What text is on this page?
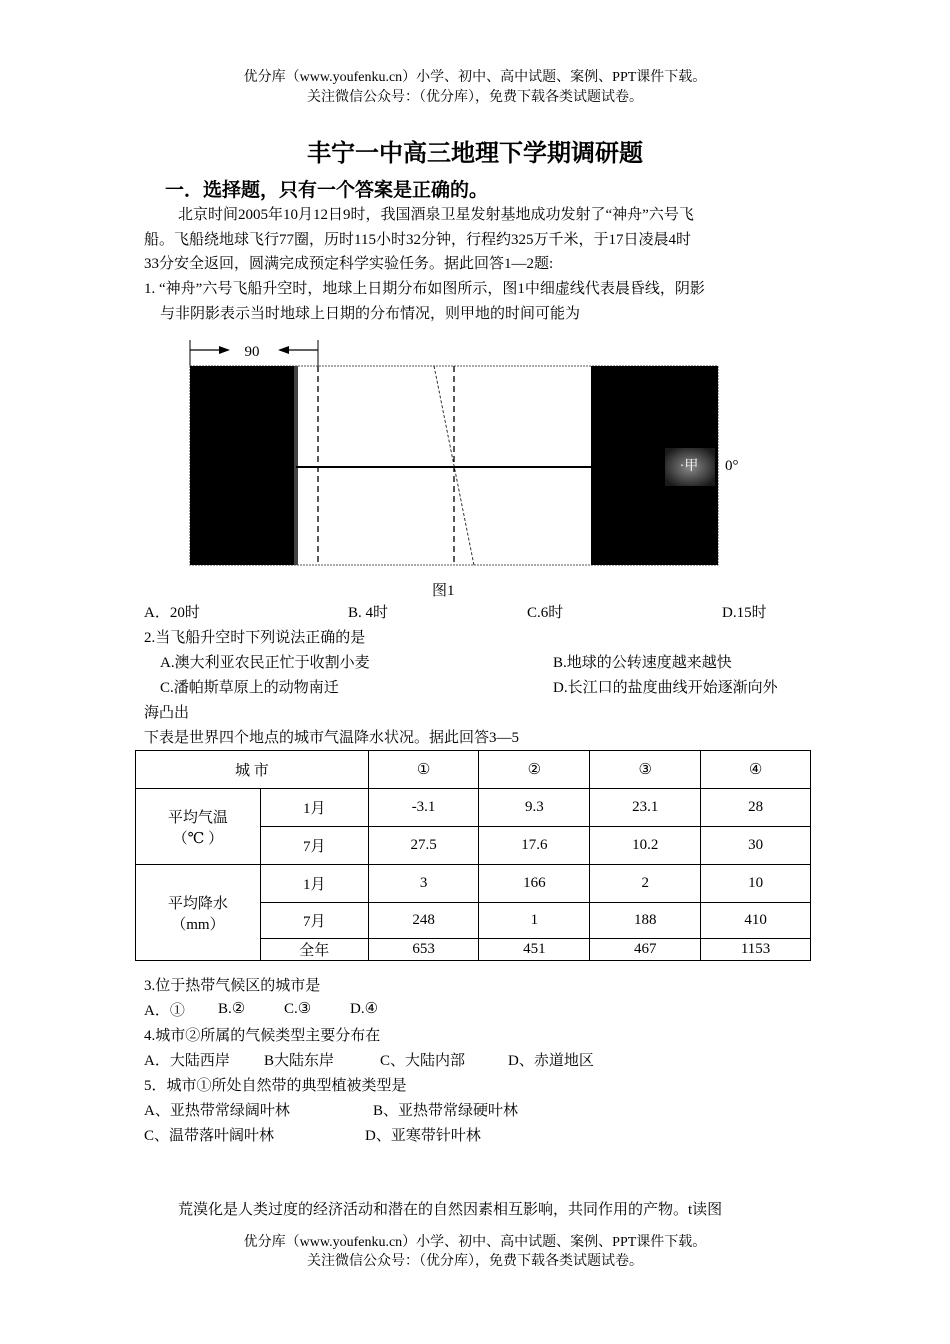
优分库（www.youfenku.cn）小学、初中、高中试题、案例、PPT课件下载。
关注微信公众号：（优分库），免费下载各类试题试卷。
丰宁一中高三地理下学期调研题
一．选择题，只有一个答案是正确的。
北京时间2005年10月12日9时，我国酒泉卫星发射基地成功发射了“神舟”六号飞
船。飞船绕地球飞行77圈，历时115小时32分钟，行程约325万千米，于17日凌晨4时
33分安全返回，圆满完成预定科学实验任务。据此回答1—2题:
1. “神舟”六号飞船升空时，地球上日期分布如图所示，图1中细虚线代表晨昏线，阴影
与非阴影表示当时地球上日期的分布情况，则甲地的时间可能为
90
·甲 0°
图1
A．20时	B. 4时	C.6时	D.15时
2.当飞船升空时下列说法正确的是
A.澳大利亚农民正忙于收割小麦	B.地球的公转速度越来越快
C.潘帕斯草原上的动物南迁	D.长江口的盐度曲线开始逐渐向外
海凸出
下表是世界四个地点的城市气温降水状况。据此回答3—5
城 市		①	②	③	④

平均气温
（℃ ）	1月	-3.1	9.3	23.1	28
	7月	27.5	17.6	10.2	30

平均降水
（mm）	1月	3	166	2	10
	7月	248	1	188	410
	全年	653	451	467	1153
3.位于热带气候区的城市是
A．① B.②	C.③	D.④
4.城市②所属的气候类型主要分布在
A．大陆西岸 B大陆东岸	C、大陆内部	D、赤道地区
5．城市①所处自然带的典型植被类型是
A、亚热带常绿阔叶林	B、亚热带常绿硬叶林
C、温带落叶阔叶林	D、亚寒带针叶林
荒漠化是人类过度的经济活动和潜在的自然因素相互影响，共同作用的产物。t读图
优分库（www.youfenku.cn）小学、初中、高中试题、案例、PPT课件下载。
关注微信公众号：（优分库），免费下载各类试题试卷。
